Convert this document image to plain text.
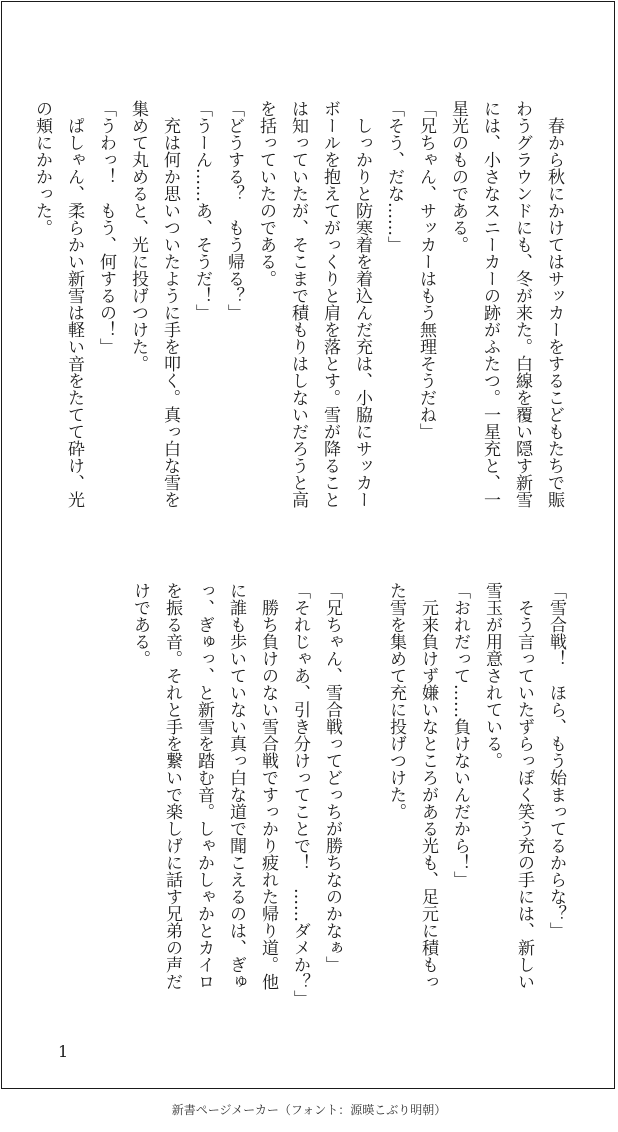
　春から秋にかけてはサッカーをするこどもたちで賑
わうグラウンドにも、冬が来た。白線を覆い隠す新雪
には、小さなスニーカーの跡がふたつ。一星充と、一
星光のものである。
「兄ちゃん、サッカーはもう無理そうだね」
「そう、だな……」
　しっかりと防寒着を着込んだ充は、小脇にサッカー
ボールを抱えてがっくりと肩を落とす。雪が降ること
は知っていたが、そこまで積もりはしないだろうと高
を括っていたのである。
「どうする？　もう帰る？」
「うーん……あ、そうだ！」
　充は何か思いついたように手を叩く。真っ白な雪を
集めて丸めると、光に投げつけた。
「うわっ！　もう、何するの！」
　ぱしゃん、柔らかい新雪は軽い音をたてて砕け、光
の頬にかかった。
「雪合戦！　ほら、もう始まってるからな？」
　そう言っていたずらっぽく笑う充の手には、新しい
雪玉が用意されている。
「おれだって……負けないんだから！」
　元来負けず嫌いなところがある光も、足元に積もっ
た雪を集めて充に投げつけた。
「兄ちゃん、雪合戦ってどっちが勝ちなのかなぁ」
「それじゃあ、引き分けってことで！　……ダメか？」
　勝ち負けのない雪合戦ですっかり疲れた帰り道。他
に誰も歩いていない真っ白な道で聞こえるのは、ぎゅ
っ、ぎゅっ、と新雪を踏む音。しゃかしゃかとカイロ
を振る音。それと手を繋いで楽しげに話す兄弟の声だ
けである。
1
新書ページメーカー（フォント：源暎こぶり明朝）
